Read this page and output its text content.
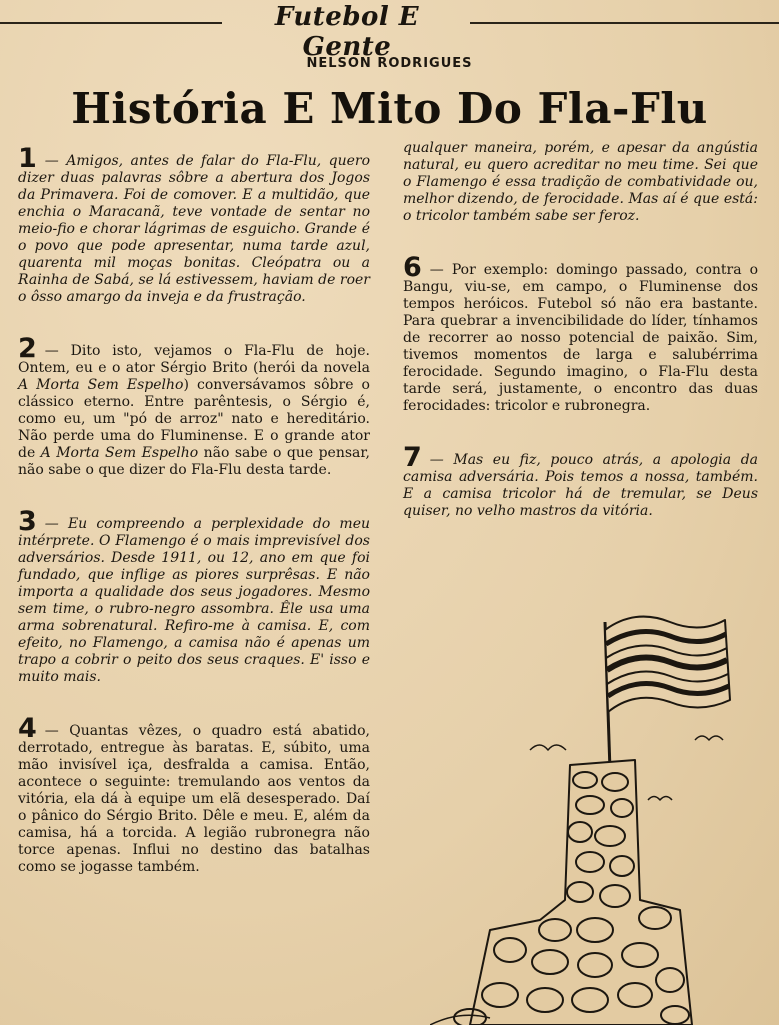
Futebol E Gente
NELSON RODRIGUES
História E Mito Do Fla-Flu

1 — Amigos, antes de falar do Fla-Flu, quero dizer duas palavras sôbre a abertura dos Jogos da Primavera. Foi de comover. E a multidão, que enchia o Maracanã, teve vontade de sentar no meio-fio e chorar lágrimas de esguicho. Grande é o povo que pode apresentar, numa tarde azul, quarenta mil moças bonitas. Cleópatra ou a Rainha de Sabá, se lá estivessem, haviam de roer o ôsso amargo da inveja e da frustração.

2 — Dito isto, vejamos o Fla-Flu de hoje. Ontem, eu e o ator Sérgio Brito (herói da novela A Morta Sem Espelho) conversávamos sôbre o clássico eterno. Entre parêntesis, o Sérgio é, como eu, um "pó de arroz" nato e hereditário. Não perde uma do Fluminense. E o grande ator de A Morta Sem Espelho não sabe o que pensar, não sabe o que dizer do Fla-Flu desta tarde.

3 — Eu compreendo a perplexidade do meu intérprete. O Flamengo é o mais imprevisível dos adversários. Desde 1911, ou 12, ano em que foi fundado, que inflige as piores surprêsas. E não importa a qualidade dos seus jogadores. Mesmo sem time, o rubro-negro assombra. Êle usa uma arma sobrenatural. Refiro-me à camisa. E, com efeito, no Flamengo, a camisa não é apenas um trapo a cobrir o peito dos seus craques. E' isso e muito mais.

4 — Quantas vêzes, o quadro está abatido, derrotado, entregue às baratas. E, súbito, uma mão invisível iça, desfralda a camisa. Então, acontece o seguinte: tremulando aos ventos da vitória, ela dá à equipe um elã desesperado. Daí o pânico do Sérgio Brito. Dêle e meu. E, além da camisa, há a torcida. A legião rubronegra não torce apenas. Influi no destino das batalhas como se jogasse também.

qualquer maneira, porém, e apesar da angústia natural, eu quero acreditar no meu time. Sei que o Flamengo é essa tradição de combatividade ou, melhor dizendo, de ferocidade. Mas aí é que está: o tricolor também sabe ser feroz.

6 — Por exemplo: domingo passado, contra o Bangu, viu-se, em campo, o Fluminense dos tempos heróicos. Futebol só não era bastante. Para quebrar a invencibilidade do líder, tínhamos de recorrer ao nosso potencial de paixão. Sim, tivemos momentos de larga e salubérrima ferocidade. Segundo imagino, o Fla-Flu desta tarde será, justamente, o encontro das duas ferocidades: tricolor e rubronegra.

7 — Mas eu fiz, pouco atrás, a apologia da camisa adversária. Pois temos a nossa, também. E a camisa tricolor há de tremular, se Deus quiser, no velho mastros da vitória.
